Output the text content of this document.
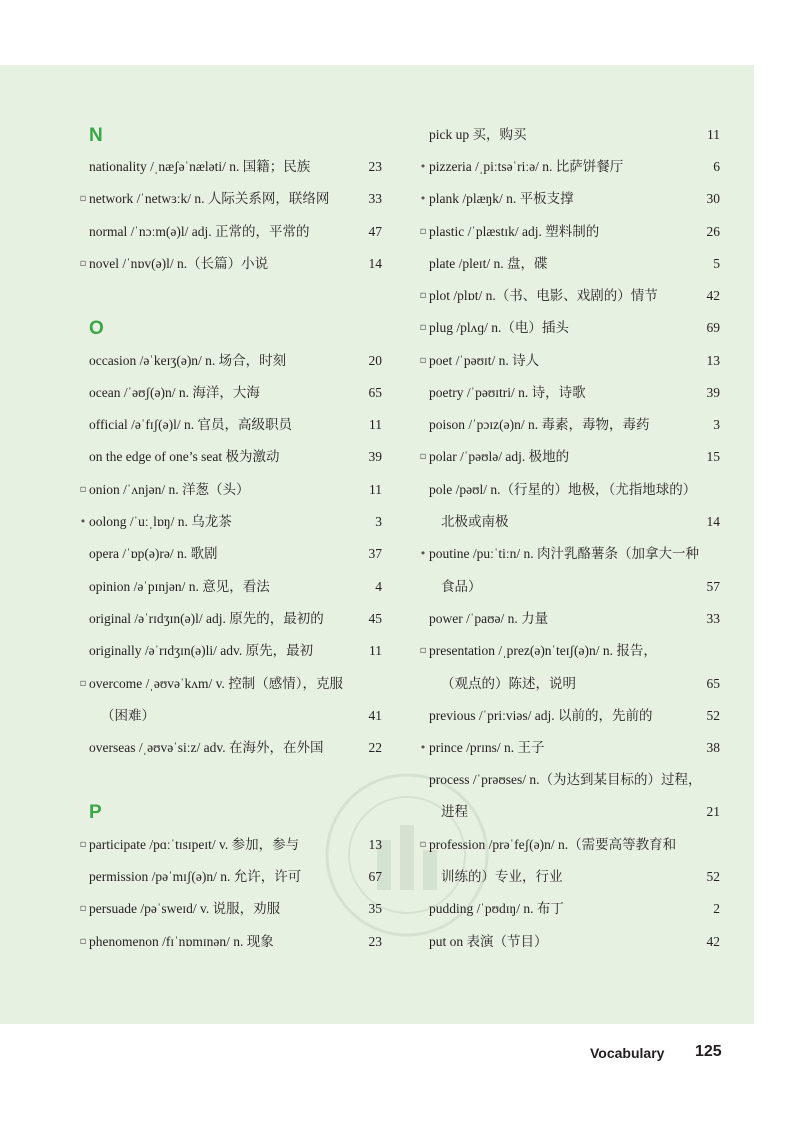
N
nationality /ˌnæʃəˈnæləti/ n. 国籍；民族	23
▫ network /ˈnetwɜːk/ n. 人际关系网，联络网	33
normal /ˈnɔːm(ə)l/ adj. 正常的，平常的	47
▫ novel /ˈnɒv(ə)l/ n.（长篇）小说	14
O
occasion /əˈkeɪʒ(ə)n/ n. 场合，时刻	20
ocean /ˈəʊʃ(ə)n/ n. 海洋，大海	65
official /əˈfɪʃ(ə)l/ n. 官员，高级职员	11
on the edge of one’s seat 极为激动	39
▫ onion /ˈʌnjən/ n. 洋葱（头）	11
• oolong /ˈuːˌlɒŋ/ n. 乌龙茶	3
opera /ˈɒp(ə)rə/ n. 歌剧	37
opinion /əˈpɪnjən/ n. 意见，看法	4
original /əˈrɪdʒɪn(ə)l/ adj. 原先的，最初的	45
originally /əˈrɪdʒɪn(ə)li/ adv. 原先，最初	11
▫ overcome /ˌəʊvəˈkʌm/ v. 控制（感情），克服
（困难）	41
overseas /ˌəʊvəˈsiːz/ adv. 在海外，在外国	22
P
▫ participate /pɑːˈtɪsɪpeɪt/ v. 参加，参与	13
permission /pəˈmɪʃ(ə)n/ n. 允许，许可	67
▫ persuade /pəˈsweɪd/ v. 说服，劝服	35
▫ phenomenon /fɪˈnɒmɪnən/ n. 现象	23
pick up 买，购买	11
• pizzeria /ˌpiːtsəˈriːə/ n. 比萨饼餐厅	6
• plank /plæŋk/ n. 平板支撑	30
▫ plastic /ˈplæstɪk/ adj. 塑料制的	26
plate /pleɪt/ n. 盘，碟	5
▫ plot /plɒt/ n.（书、电影、戏剧的）情节	42
▫ plug /plʌɡ/ n.（电）插头	69
▫ poet /ˈpəʊɪt/ n. 诗人	13
poetry /ˈpəʊɪtri/ n. 诗，诗歌	39
poison /ˈpɔɪz(ə)n/ n. 毒素，毒物，毒药	3
▫ polar /ˈpəʊlə/ adj. 极地的	15
pole /pəʊl/ n.（行星的）地极，（尤指地球的）
北极或南极	14
• poutine /puːˈtiːn/ n. 肉汁乳酪薯条（加拿大一种
食品）	57
power /ˈpaʊə/ n. 力量	33
▫ presentation /ˌprez(ə)nˈteɪʃ(ə)n/ n. 报告，
（观点的）陈述，说明	65
previous /ˈpriːviəs/ adj. 以前的，先前的	52
• prince /prɪns/ n. 王子	38
process /ˈprəʊses/ n.（为达到某目标的）过程，
进程	21
▫ profession /prəˈfeʃ(ə)n/ n.（需要高等教育和
训练的）专业，行业	52
pudding /ˈpʊdɪŋ/ n. 布丁	2
put on 表演（节目）	42
Vocabulary 125
